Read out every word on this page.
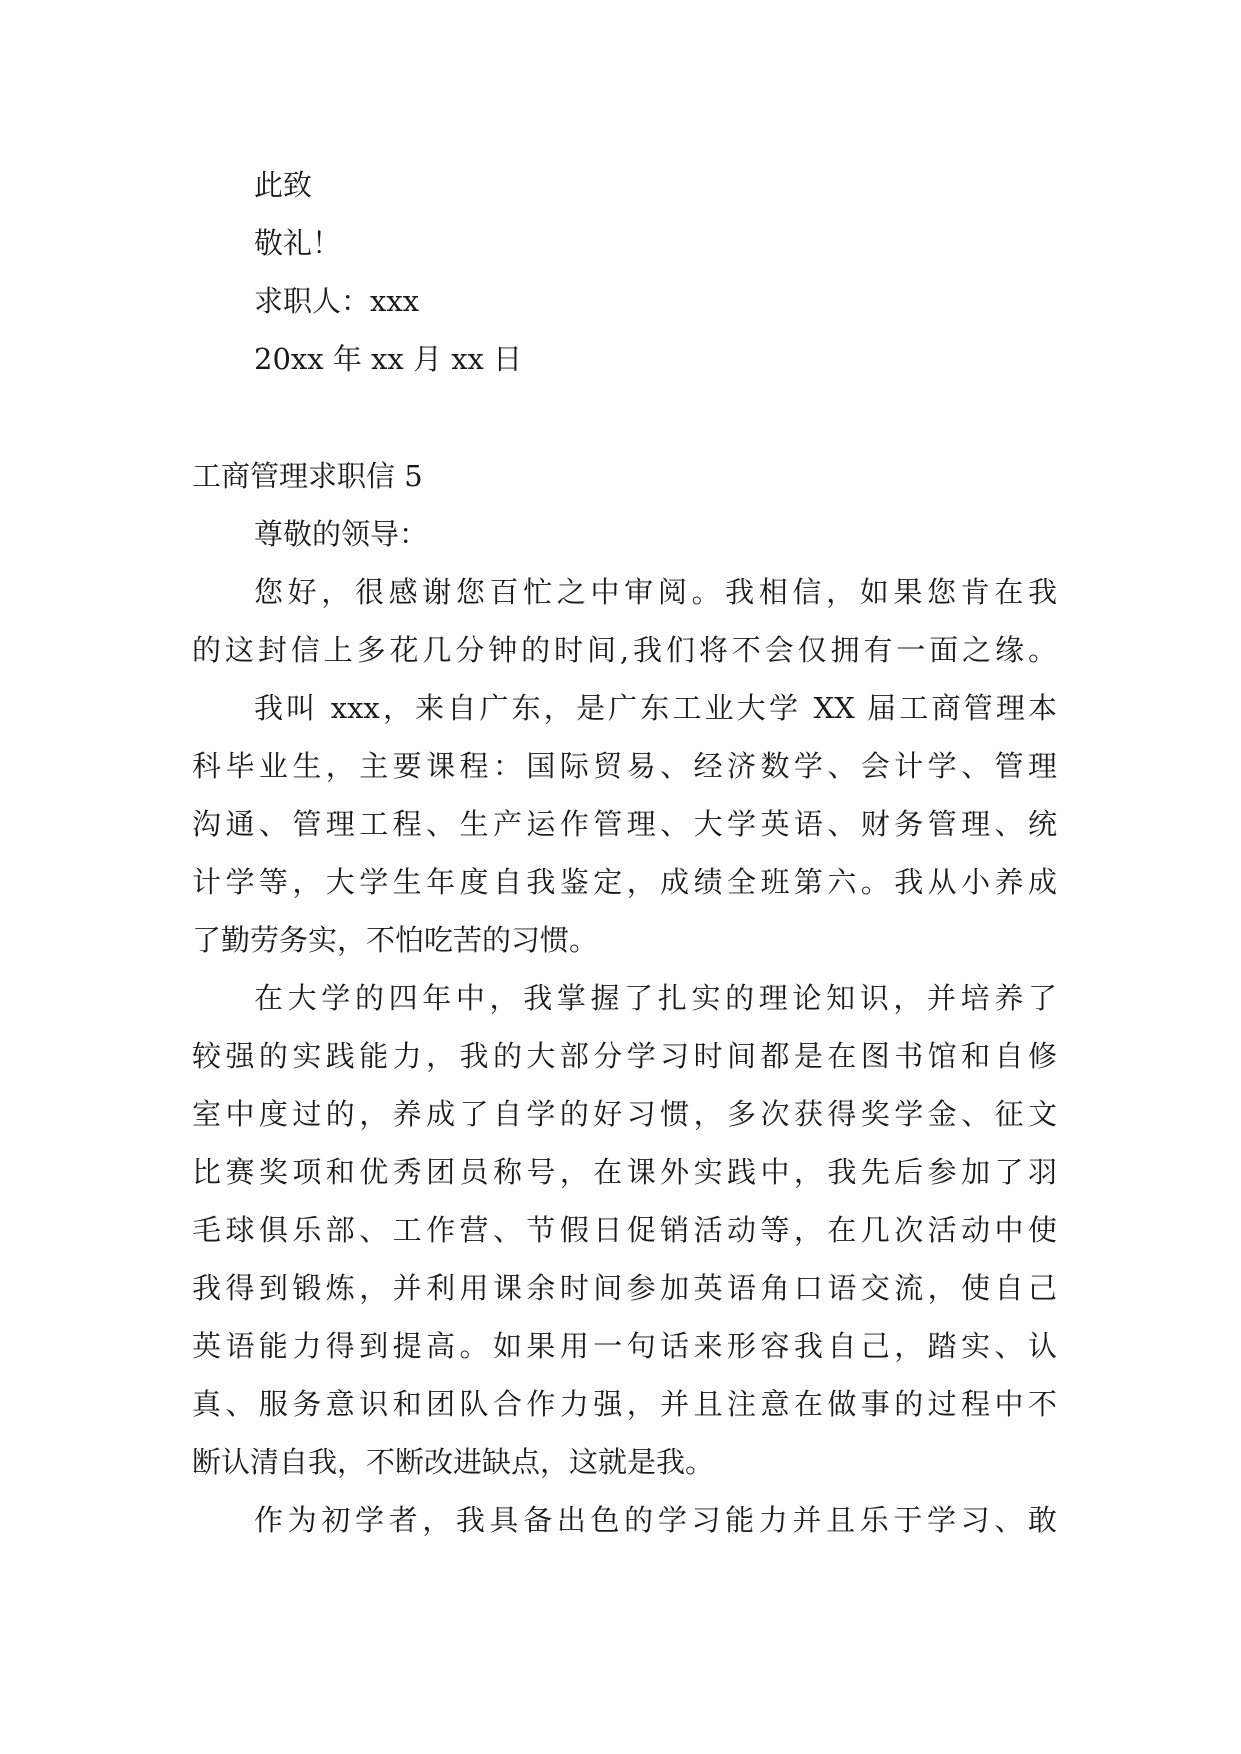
此致
敬礼！
求职人：xxx
20xx 年 xx 月 xx 日
工商管理求职信 5
尊敬的领导：
您好，很感谢您百忙之中审阅。我相信，如果您肯在我
的这封信上多花几分钟的时间,我们将不会仅拥有一面之缘。
我叫 xxx，来自广东，是广东工业大学 XX 届工商管理本
科毕业生，主要课程：国际贸易、经济数学、会计学、管理
沟通、管理工程、生产运作管理、大学英语、财务管理、统
计学等，大学生年度自我鉴定，成绩全班第六。我从小养成
了勤劳务实，不怕吃苦的习惯。
在大学的四年中，我掌握了扎实的理论知识，并培养了
较强的实践能力，我的大部分学习时间都是在图书馆和自修
室中度过的，养成了自学的好习惯，多次获得奖学金、征文
比赛奖项和优秀团员称号，在课外实践中，我先后参加了羽
毛球俱乐部、工作营、节假日促销活动等，在几次活动中使
我得到锻炼，并利用课余时间参加英语角口语交流，使自己
英语能力得到提高。如果用一句话来形容我自己，踏实、认
真、服务意识和团队合作力强，并且注意在做事的过程中不
断认清自我，不断改进缺点，这就是我。
作为初学者，我具备出色的学习能力并且乐于学习、敢
